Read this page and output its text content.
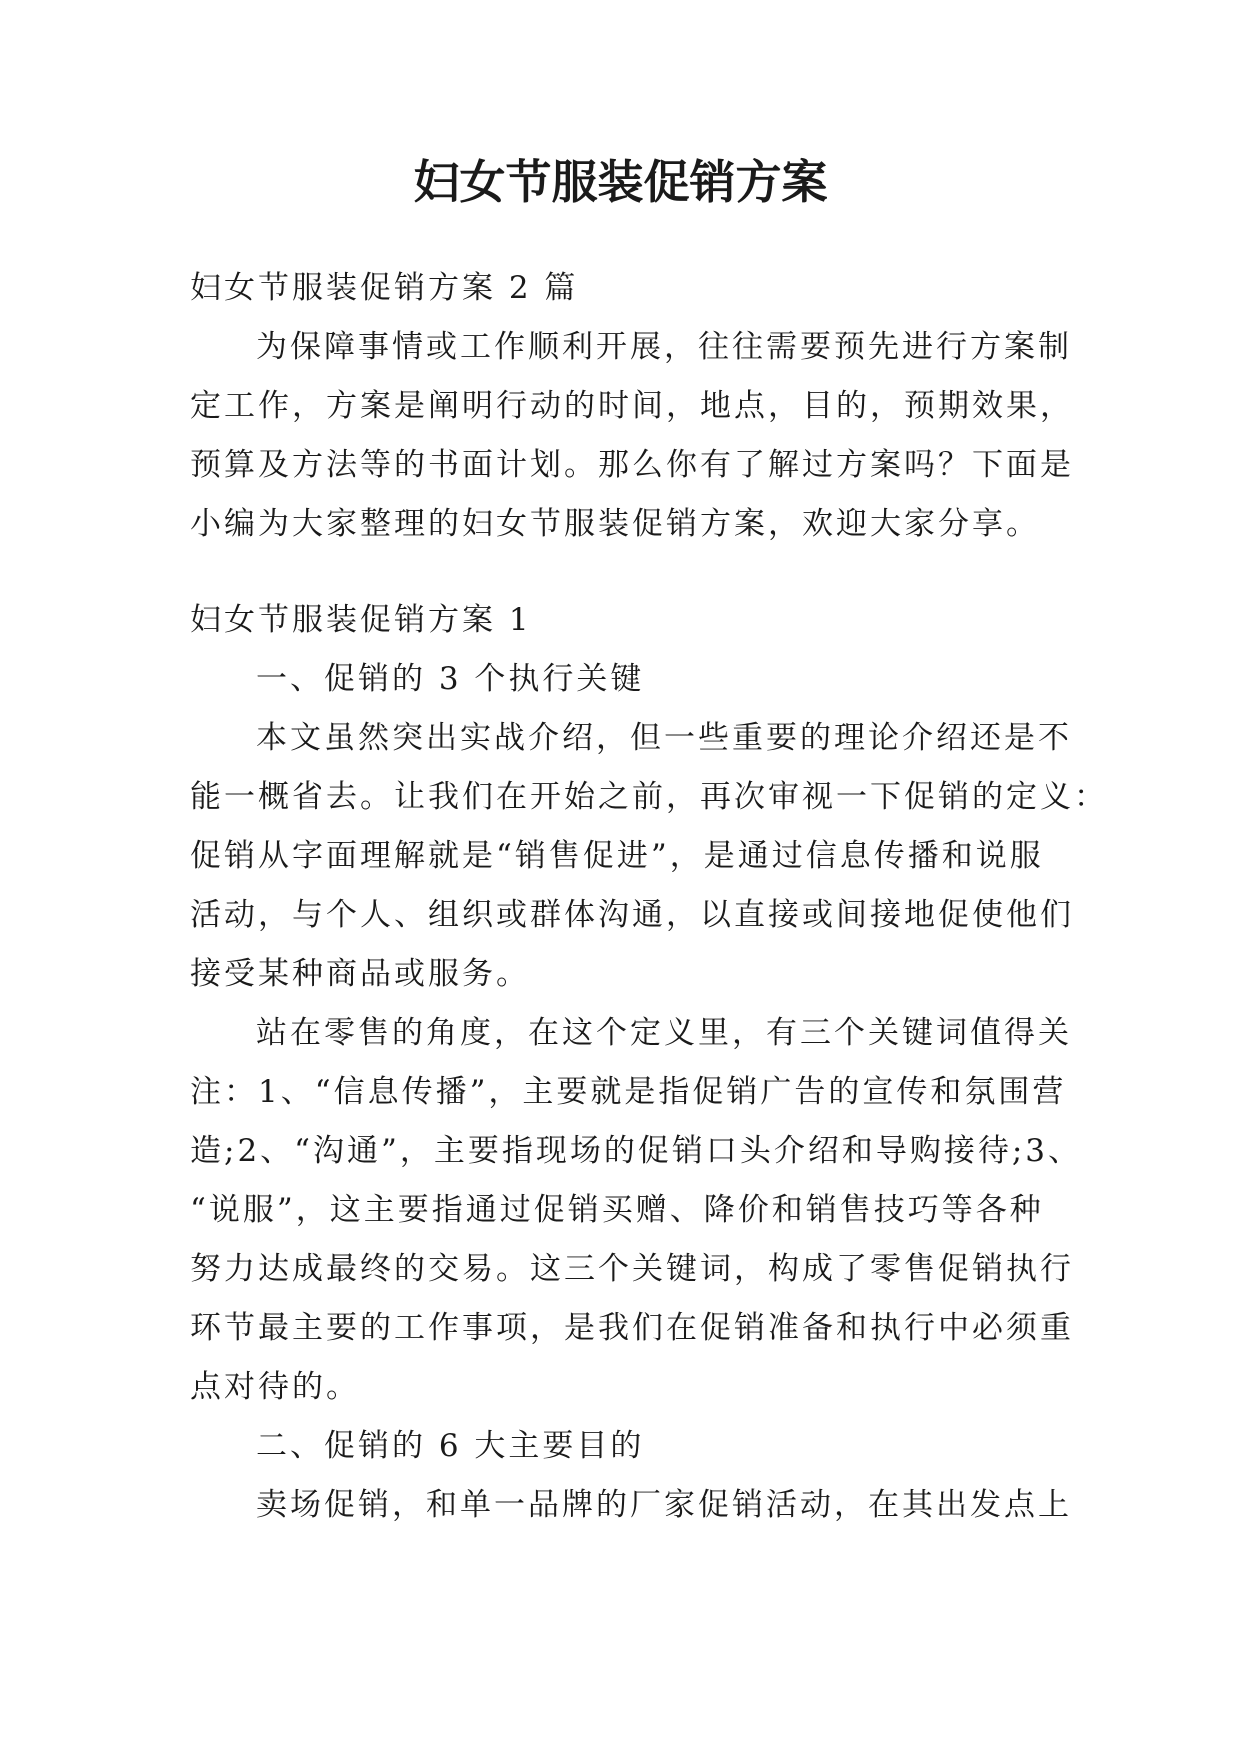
妇女节服装促销方案
妇女节服装促销方案 2 篇
为保障事情或工作顺利开展，往往需要预先进行方案制
定工作，方案是阐明行动的时间，地点，目的，预期效果，
预算及方法等的书面计划。那么你有了解过方案吗？下面是
小编为大家整理的妇女节服装促销方案，欢迎大家分享。
妇女节服装促销方案 1
一、促销的 3 个执行关键
本文虽然突出实战介绍，但一些重要的理论介绍还是不
能一概省去。让我们在开始之前，再次审视一下促销的定义：
促销从字面理解就是“销售促进”，是通过信息传播和说服
活动，与个人、组织或群体沟通，以直接或间接地促使他们
接受某种商品或服务。
站在零售的角度，在这个定义里，有三个关键词值得关
注：1、“信息传播”，主要就是指促销广告的宣传和氛围营
造;2、“沟通”，主要指现场的促销口头介绍和导购接待;3、
“说服”，这主要指通过促销买赠、降价和销售技巧等各种
努力达成最终的交易。这三个关键词，构成了零售促销执行
环节最主要的工作事项，是我们在促销准备和执行中必须重
点对待的。
二、促销的 6 大主要目的
卖场促销，和单一品牌的厂家促销活动，在其出发点上
